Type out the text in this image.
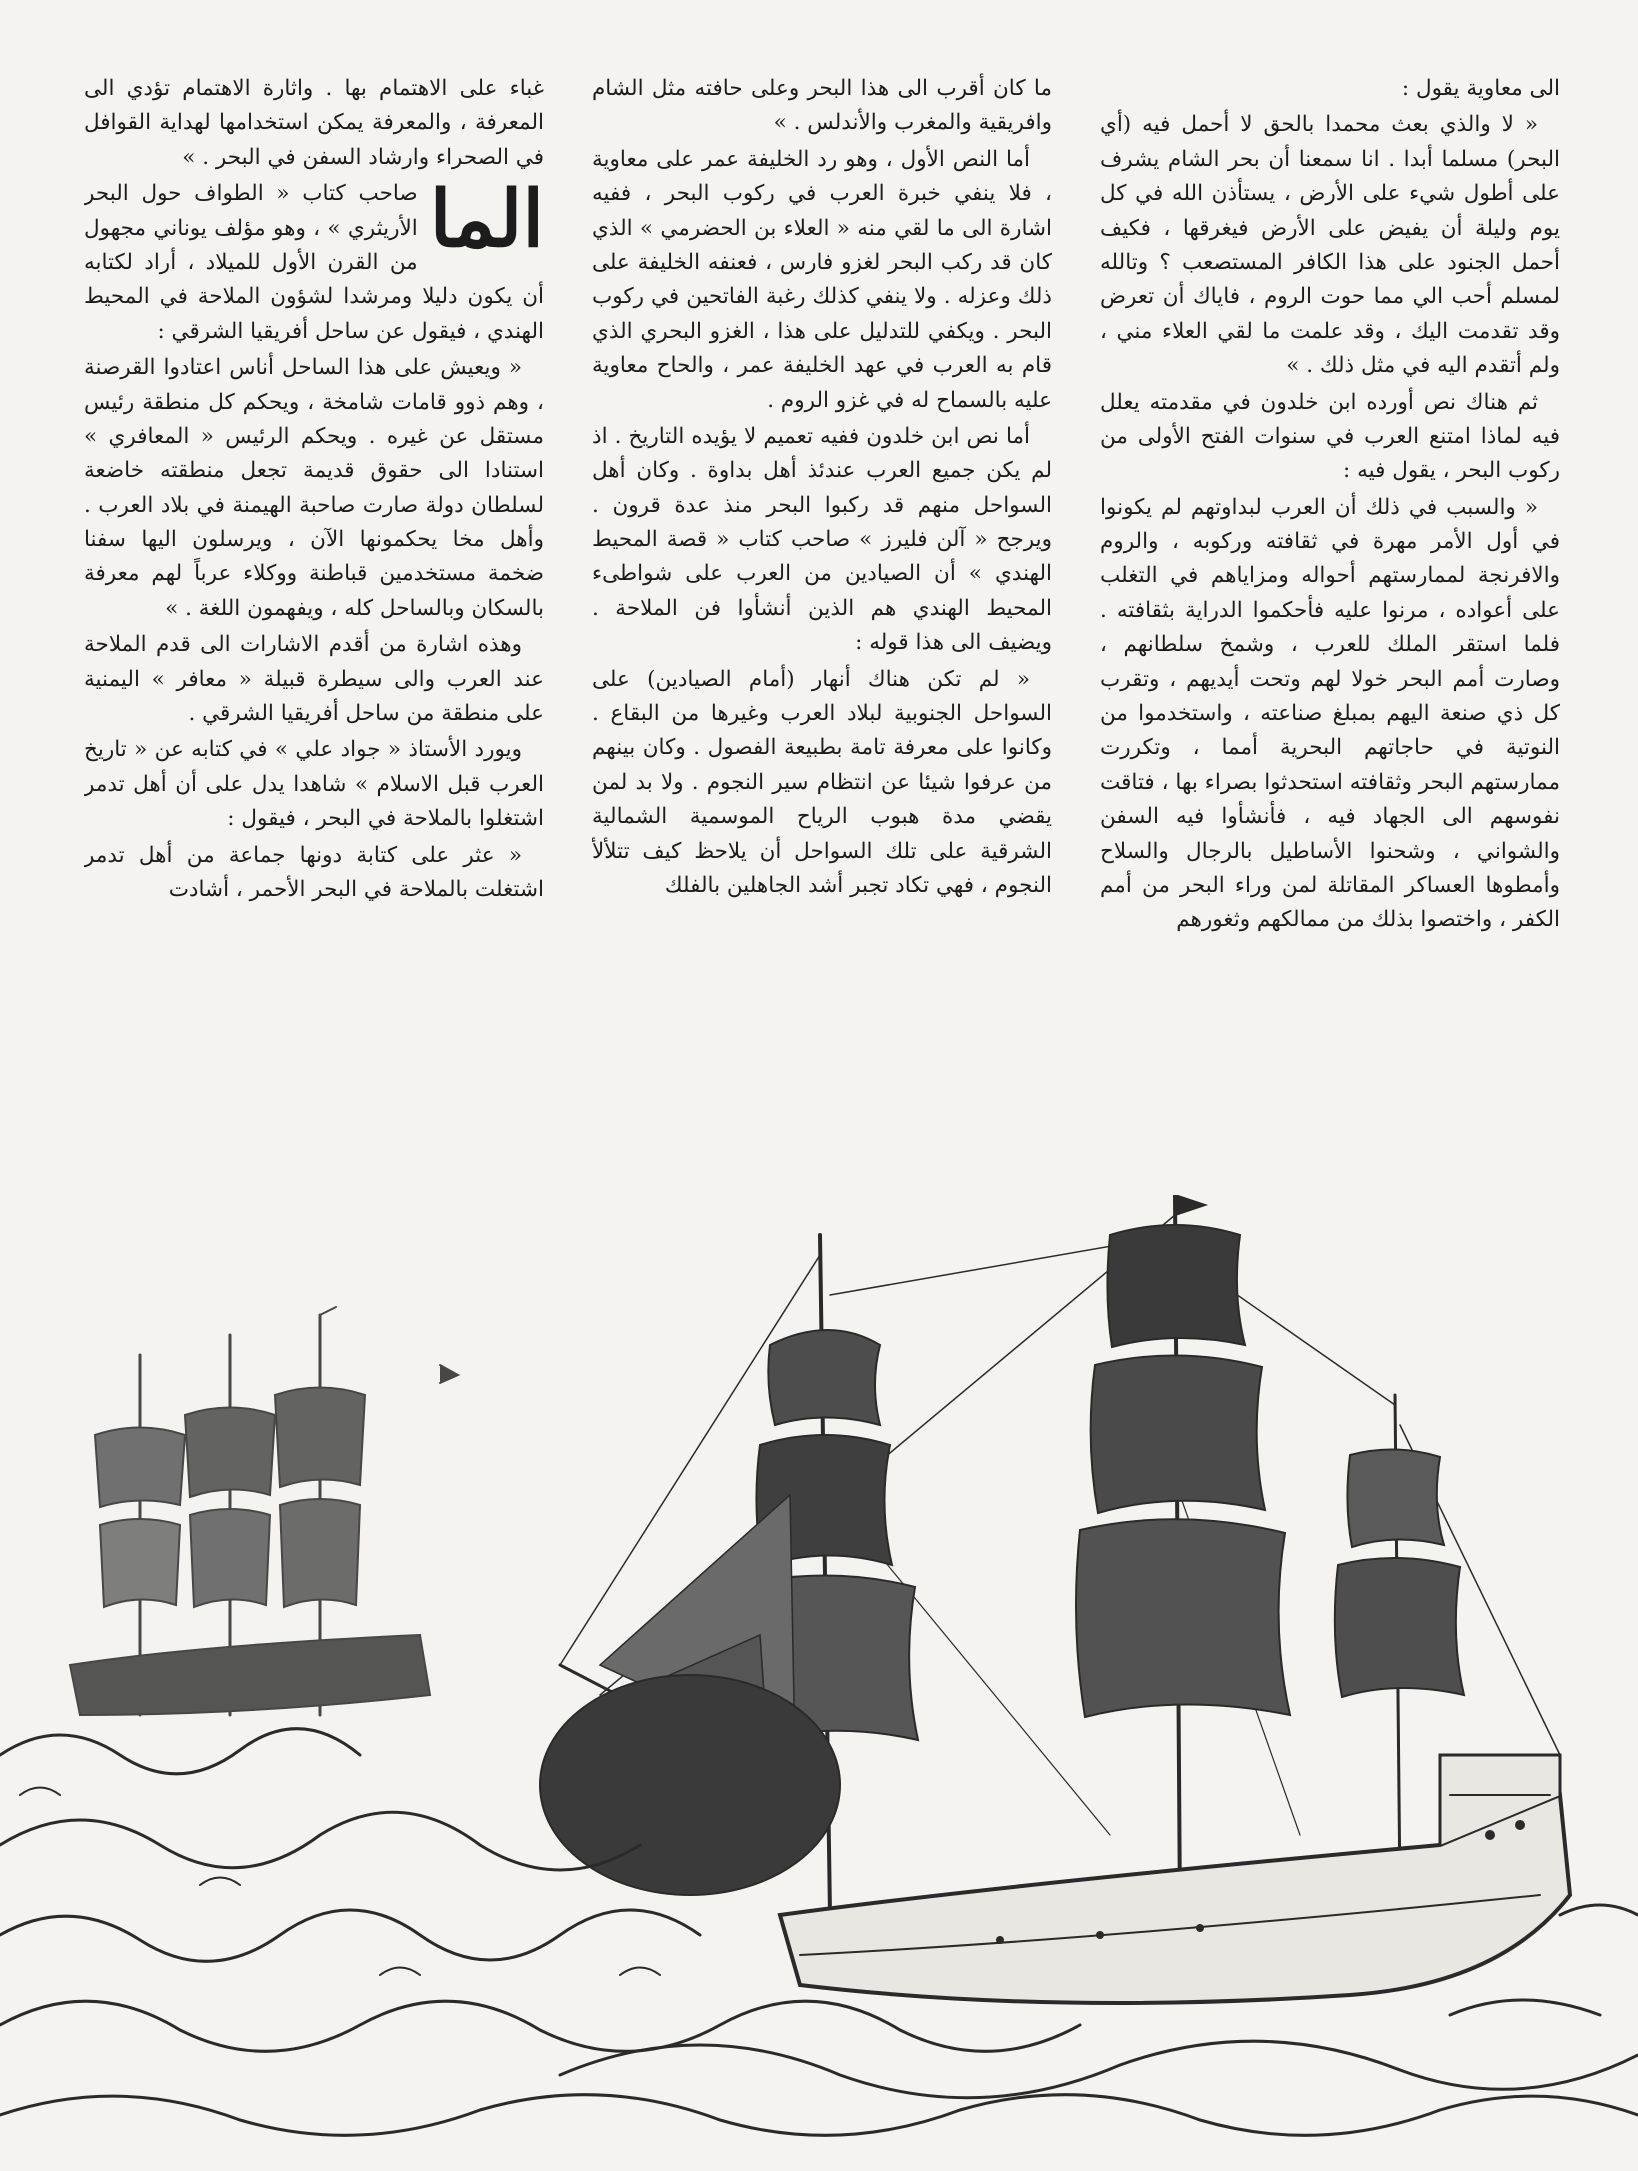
الى معاوية يقول :

« لا والذي بعث محمدا بالحق لا أحمل فيه (أي البحر) مسلما أبدا . انا سمعنا أن بحر الشام يشرف على أطول شيء على الأرض ، يستأذن الله في كل يوم وليلة أن يفيض على الأرض فيغرقها ، فكيف أحمل الجنود على هذا الكافر المستصعب ؟ وتالله لمسلم أحب الي مما حوت الروم ، فاياك أن تعرض وقد تقدمت اليك ، وقد علمت ما لقي العلاء مني ، ولم أتقدم اليه في مثل ذلك . »

ثم هناك نص أورده ابن خلدون في مقدمته يعلل فيه لماذا امتنع العرب في سنوات الفتح الأولى من ركوب البحر ، يقول فيه :

« والسبب في ذلك أن العرب لبداوتهم لم يكونوا في أول الأمر مهرة في ثقافته وركوبه ، والروم والافرنجة لممارستهم أحواله ومزاياهم في التغلب على أعواده ، مرنوا عليه فأحكموا الدراية بثقافته . فلما استقر الملك للعرب ، وشمخ سلطانهم ، وصارت أمم البحر خولا لهم وتحت أيديهم ، وتقرب كل ذي صنعة اليهم بمبلغ صناعته ، واستخدموا من النوتية في حاجاتهم البحرية أمما ، وتكررت ممارستهم البحر وثقافته استحدثوا بصراء بها ، فتاقت نفوسهم الى الجهاد فيه ، فأنشأوا فيه السفن والشواني ، وشحنوا الأساطيل بالرجال والسلاح وأمطوها العساكر المقاتلة لمن وراء البحر من أمم الكفر ، واختصوا بذلك من ممالكهم وثغورهم

ما كان أقرب الى هذا البحر وعلى حافته مثل الشام وافريقية والمغرب والأندلس . »

أما النص الأول ، وهو رد الخليفة عمر على معاوية ، فلا ينفي خبرة العرب في ركوب البحر ، ففيه اشارة الى ما لقي منه « العلاء بن الحضرمي » الذي كان قد ركب البحر لغزو فارس ، فعنفه الخليفة على ذلك وعزله . ولا ينفي كذلك رغبة الفاتحين في ركوب البحر . ويكفي للتدليل على هذا ، الغزو البحري الذي قام به العرب في عهد الخليفة عمر ، والحاح معاوية عليه بالسماح له في غزو الروم .

أما نص ابن خلدون ففيه تعميم لا يؤيده التاريخ . اذ لم يكن جميع العرب عندئذ أهل بداوة . وكان أهل السواحل منهم قد ركبوا البحر منذ عدة قرون . ويرجح « آلن فليرز » صاحب كتاب « قصة المحيط الهندي » أن الصيادين من العرب على شواطىء المحيط الهندي هم الذين أنشأوا فن الملاحة . ويضيف الى هذا قوله :

« لم تكن هناك أنهار (أمام الصيادين) على السواحل الجنوبية لبلاد العرب وغيرها من البقاع . وكانوا على معرفة تامة بطبيعة الفصول . وكان بينهم من عرفوا شيئا عن انتظام سير النجوم . ولا بد لمن يقضي مدة هبوب الرياح الموسمية الشمالية الشرقية على تلك السواحل أن يلاحظ كيف تتلألأ النجوم ، فهي تكاد تجبر أشد الجاهلين بالفلك

غباء على الاهتمام بها . واثارة الاهتمام تؤدي الى المعرفة ، والمعرفة يمكن استخدامها لهداية القوافل في الصحراء وارشاد السفن في البحر . »

الما
صاحب كتاب « الطواف حول البحر الأريثري » ، وهو مؤلف يوناني مجهول من القرن الأول للميلاد ، أراد لكتابه أن يكون دليلا ومرشدا لشؤون الملاحة في المحيط الهندي ، فيقول عن ساحل أفريقيا الشرقي :

« ويعيش على هذا الساحل أناس اعتادوا القرصنة ، وهم ذوو قامات شامخة ، ويحكم كل منطقة رئيس مستقل عن غيره . ويحكم الرئيس « المعافري » استنادا الى حقوق قديمة تجعل منطقته خاضعة لسلطان دولة صارت صاحبة الهيمنة في بلاد العرب . وأهل مخا يحكمونها الآن ، ويرسلون اليها سفنا ضخمة مستخدمين قباطنة ووكلاء عرباً لهم معرفة بالسكان وبالساحل كله ، ويفهمون اللغة . »

وهذه اشارة من أقدم الاشارات الى قدم الملاحة عند العرب والى سيطرة قبيلة « معافر » اليمنية على منطقة من ساحل أفريقيا الشرقي .

ويورد الأستاذ « جواد علي » في كتابه عن « تاريخ العرب قبل الاسلام » شاهدا يدل على أن أهل تدمر اشتغلوا بالملاحة في البحر ، فيقول :

« عثر على كتابة دونها جماعة من أهل تدمر اشتغلت بالملاحة في البحر الأحمر ، أشادت
